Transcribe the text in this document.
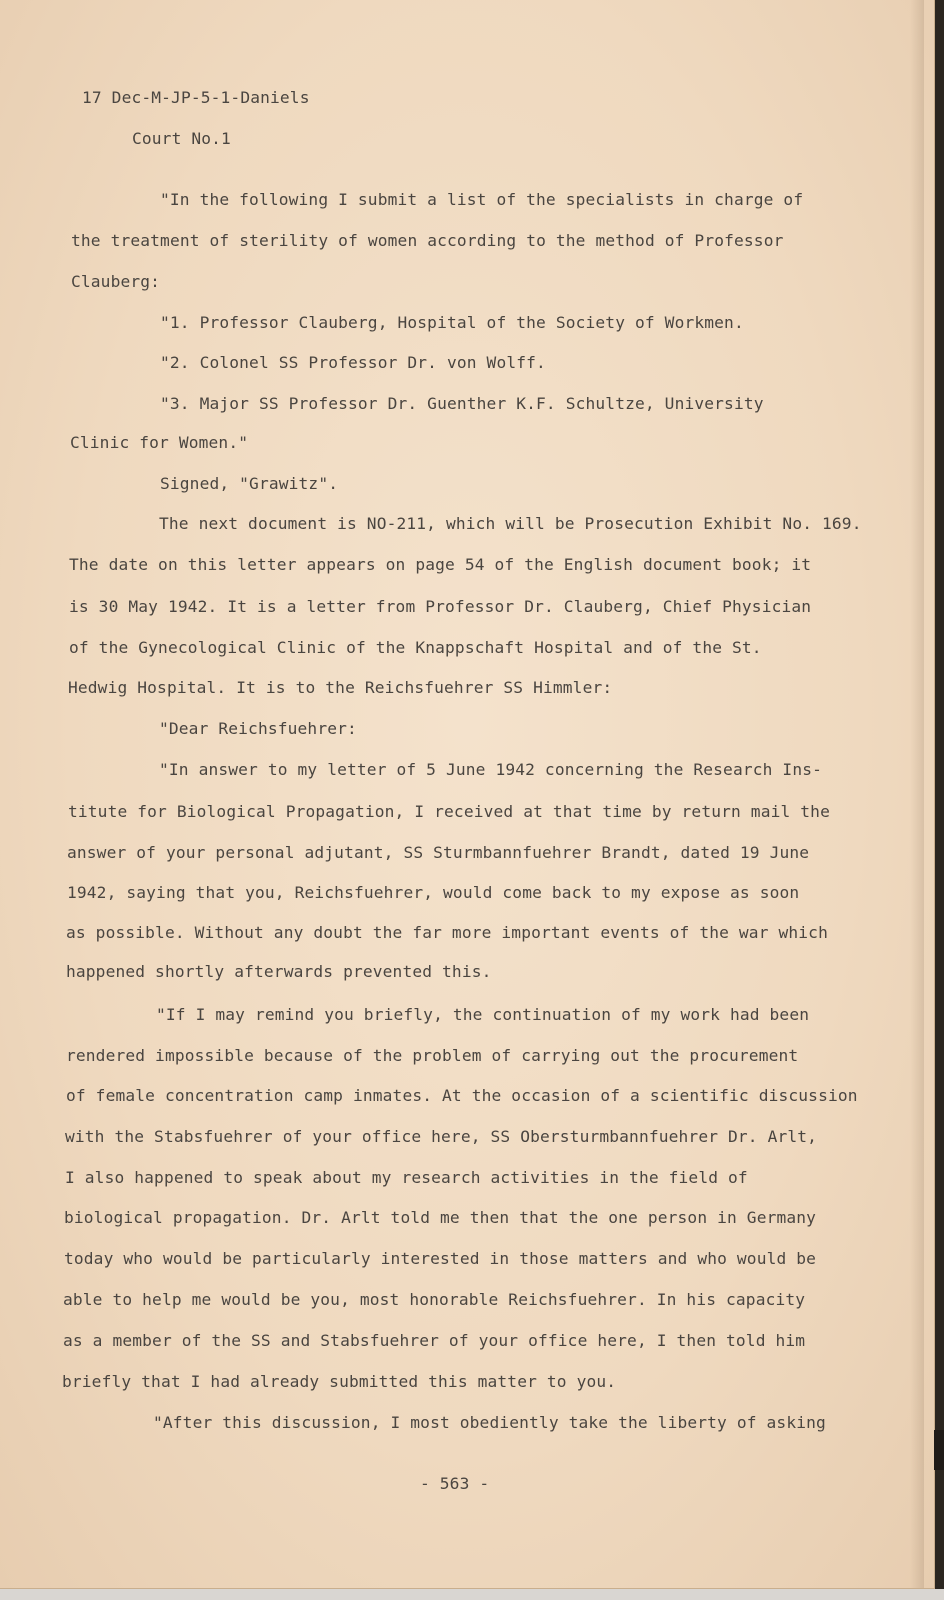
17 Dec-M-JP-5-1-Daniels
Court No.1
"In the following I submit a list of the specialists in charge of
the treatment of sterility of women according to the method of Professor
Clauberg:
"1. Professor Clauberg, Hospital of the Society of Workmen.
"2. Colonel SS Professor Dr. von Wolff.
"3. Major SS Professor Dr. Guenther K.F. Schultze, University
Clinic for Women."
Signed, "Grawitz".
The next document is NO-211, which will be Prosecution Exhibit No. 169.
The date on this letter appears on page 54 of the English document book; it
is 30 May 1942. It is a letter from Professor Dr. Clauberg, Chief Physician
of the Gynecological Clinic of the Knappschaft Hospital and of the St.
Hedwig Hospital. It is to the Reichsfuehrer SS Himmler:
"Dear Reichsfuehrer:
"In answer to my letter of 5 June 1942 concerning the Research Ins-
titute for Biological Propagation, I received at that time by return mail the
answer of your personal adjutant, SS Sturmbannfuehrer Brandt, dated 19 June
1942, saying that you, Reichsfuehrer, would come back to my expose as soon
as possible. Without any doubt the far more important events of the war which
happened shortly afterwards prevented this.
"If I may remind you briefly, the continuation of my work had been
rendered impossible because of the problem of carrying out the procurement
of female concentration camp inmates. At the occasion of a scientific discussion
with the Stabsfuehrer of your office here, SS Obersturmbannfuehrer Dr. Arlt,
I also happened to speak about my research activities in the field of
biological propagation. Dr. Arlt told me then that the one person in Germany
today who would be particularly interested in those matters and who would be
able to help me would be you, most honorable Reichsfuehrer. In his capacity
as a member of the SS and Stabsfuehrer of your office here, I then told him
briefly that I had already submitted this matter to you.
"After this discussion, I most obediently take the liberty of asking
- 563 -
